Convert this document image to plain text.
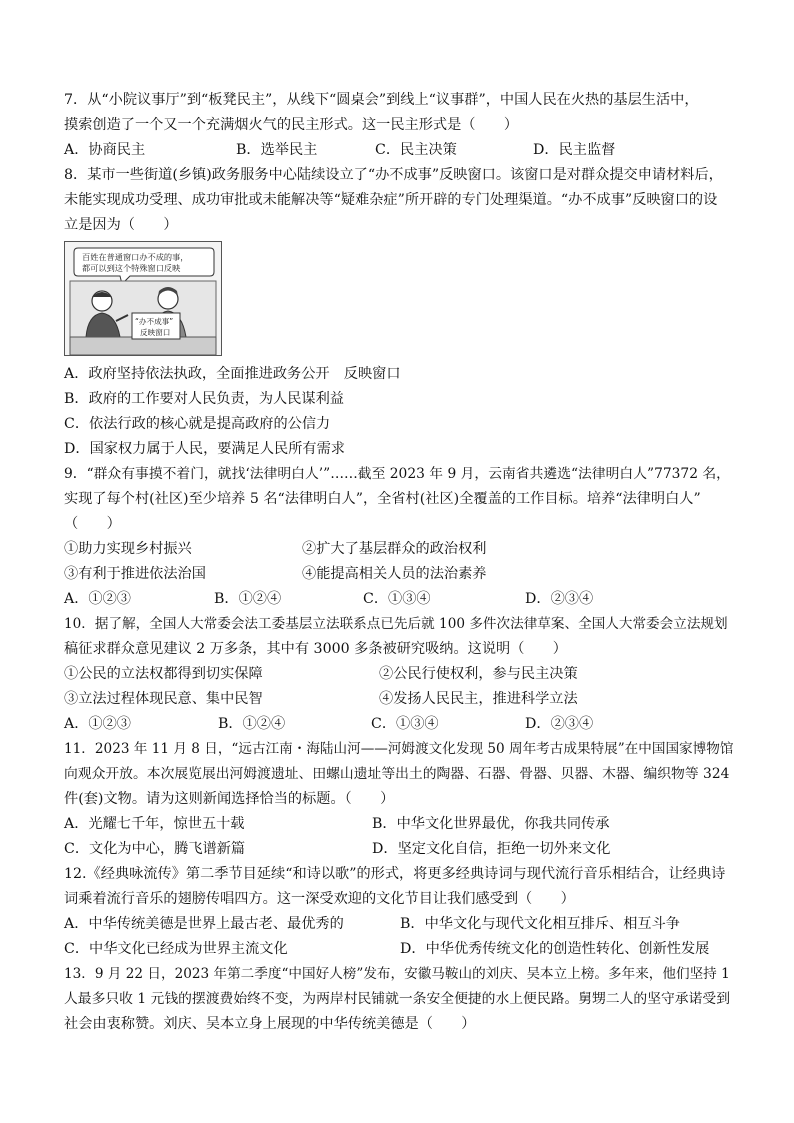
7．从“小院议事厅”到“板凳民主”，从线下“圆桌会”到线上“议事群”，中国人民在火热的基层生活中，
摸索创造了一个又一个充满烟火气的民主形式。这一民主形式是（　　）
A．协商民主	B．选举民主	C．民主决策	D．民主监督
8．某市一些街道(乡镇)政务服务中心陆续设立了“办不成事”反映窗口。该窗口是对群众提交申请材料后，
未能实现成功受理、成功审批或未能解决等“疑难杂症”所开辟的专门处理渠道。“办不成事”反映窗口的设
立是因为（　　）
百姓在普通窗口办不成的事，
都可以到这个特殊窗口反映
“办不成事”
反映窗口
A．政府坚持依法执政，全面推进政务公开　反映窗口
B．政府的工作要对人民负责，为人民谋利益
C．依法行政的核心就是提高政府的公信力
D．国家权力属于人民，要满足人民所有需求
9．“群众有事摸不着门，就找‘法律明白人’”……截至 2023 年 9 月，云南省共遴选“法律明白人”77372 名，
实现了每个村(社区)至少培养 5 名“法律明白人”，全省村(社区)全覆盖的工作目标。培养“法律明白人”
（　　）
①助力实现乡村振兴	②扩大了基层群众的政治权利
③有利于推进依法治国	④能提高相关人员的法治素养
A．①②③	B．①②④	C．①③④	D．②③④
10．据了解，全国人大常委会法工委基层立法联系点已先后就 100 多件次法律草案、全国人大常委会立法规划
稿征求群众意见建议 2 万多条，其中有 3000 多条被研究吸纳。这说明（　　）
①公民的立法权都得到切实保障	②公民行使权利，参与民主决策
③立法过程体现民意、集中民智	④发扬人民民主，推进科学立法
A．①②③	B．①②④	C．①③④	D．②③④
11．2023 年 11 月 8 日，“远古江南・海陆山河——河姆渡文化发现 50 周年考古成果特展”在中国国家博物馆
向观众开放。本次展览展出河姆渡遗址、田螺山遗址等出土的陶器、石器、骨器、贝器、木器、编织物等 324
件(套)文物。请为这则新闻选择恰当的标题。（　　）
A．光耀七千年，惊世五十载	B．中华文化世界最优，你我共同传承
C．文化为中心，腾飞谱新篇	D．坚定文化自信，拒绝一切外来文化
12.《经典咏流传》第二季节目延续“和诗以歌”的形式，将更多经典诗词与现代流行音乐相结合，让经典诗
词乘着流行音乐的翅膀传唱四方。这一深受欢迎的文化节目让我们感受到（　　）
A．中华传统美德是世界上最古老、最优秀的	B．中华文化与现代文化相互排斥、相互斗争
C．中华文化已经成为世界主流文化	D．中华优秀传统文化的创造性转化、创新性发展
13．9 月 22 日，2023 年第二季度“中国好人榜”发布，安徽马鞍山的刘庆、吴本立上榜。多年来，他们坚持 1
人最多只收 1 元钱的摆渡费始终不变，为两岸村民铺就一条安全便捷的水上便民路。舅甥二人的坚守承诺受到
社会由衷称赞。刘庆、吴本立身上展现的中华传统美德是（　　）
